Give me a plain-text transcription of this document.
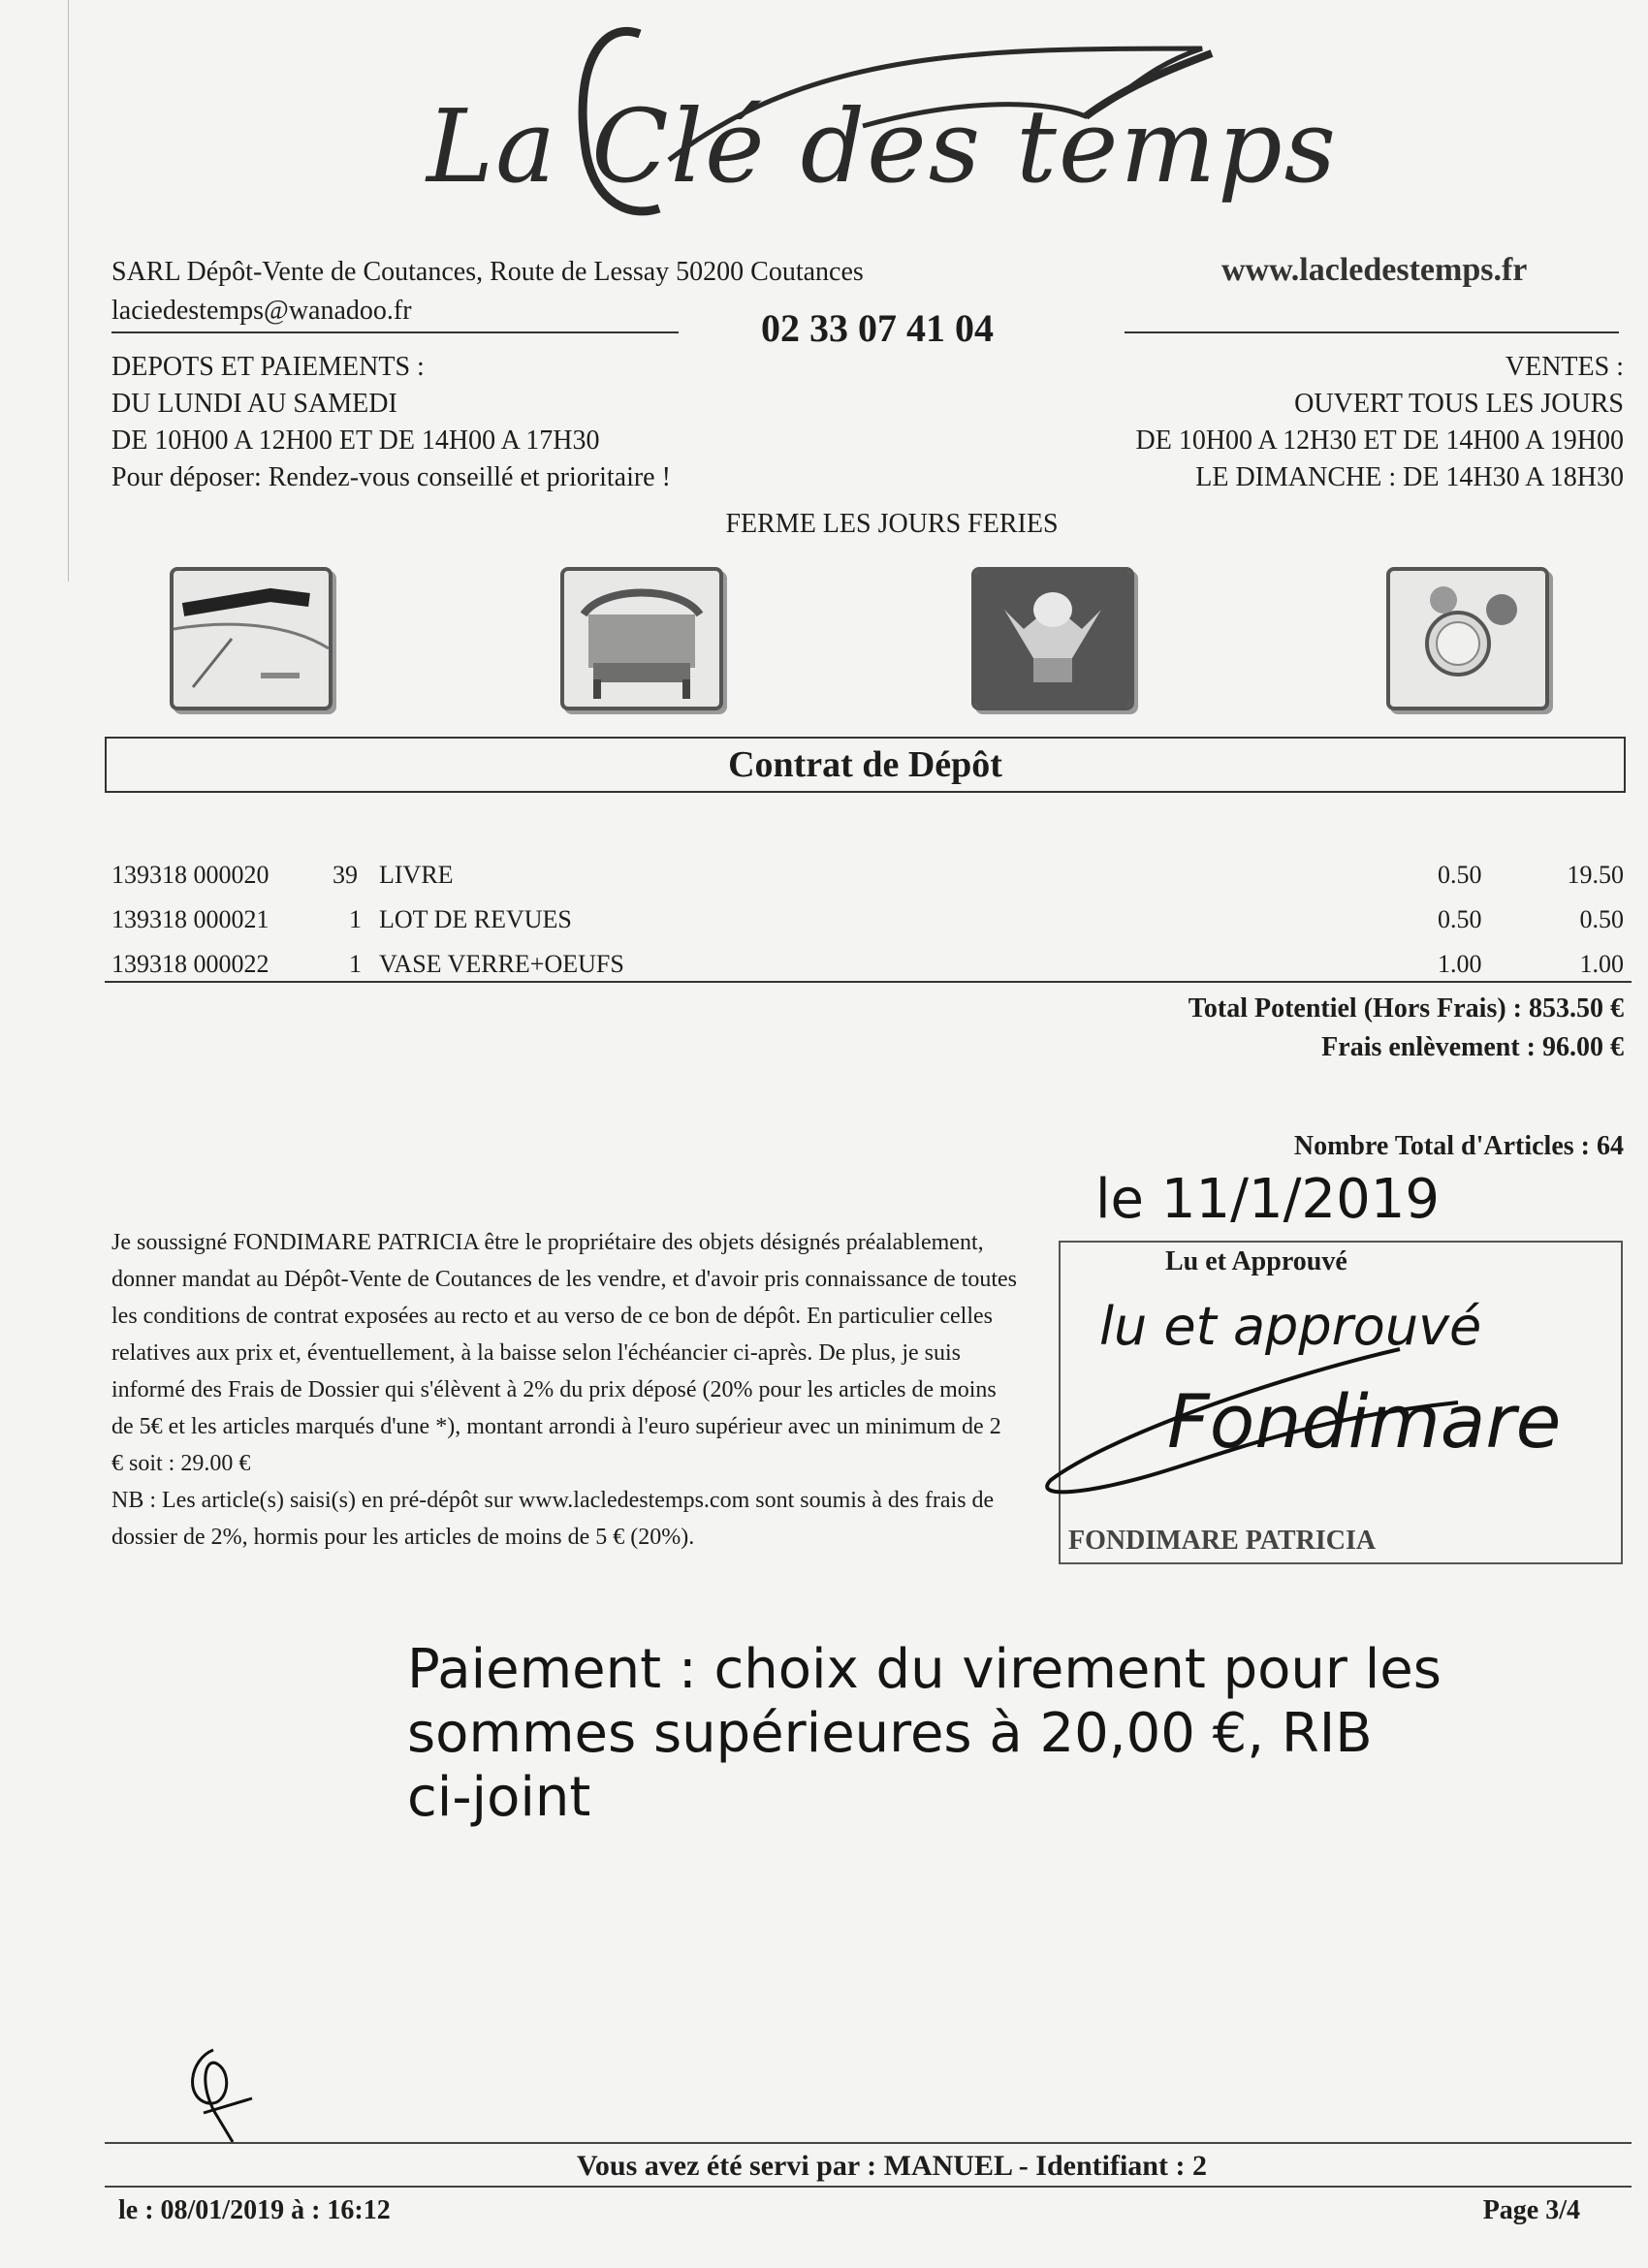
La Clé des temps
SARL Dépôt-Vente de Coutances, Route de Lessay 50200 Coutances
laciedestemps@wanadoo.fr	02 33 07 41 04
www.lacledestemps.fr
DEPOTS ET PAIEMENTS :
DU LUNDI AU SAMEDI
DE 10H00 A 12H00 ET DE 14H00 A 17H30
Pour déposer: Rendez-vous conseillé et prioritaire !
VENTES :
OUVERT TOUS LES JOURS
DE 10H00 A 12H30 ET DE 14H00 A 19H00
LE DIMANCHE : DE 14H30 A 18H30
FERME LES JOURS FERIES
Contrat de Dépôt
139318 000020	39 LIVRE	0.50	19.50
139318 000021	1 LOT DE REVUES	0.50	0.50
139318 000022	1 VASE VERRE+OEUFS	1.00	1.00
Total Potentiel (Hors Frais) : 853.50 €
Frais enlèvement : 96.00 €
Nombre Total d'Articles : 64
Je soussigné FONDIMARE PATRICIA être le propriétaire des objets désignés préalablement, donner mandat au Dépôt-Vente de Coutances de les vendre, et d'avoir pris connaissance de toutes les conditions de contrat exposées au recto et au verso de ce bon de dépôt. En particulier celles relatives aux prix et, éventuellement, à la baisse selon l'échéancier ci-après. De plus, je suis informé des Frais de Dossier qui s'élèvent à 2% du prix déposé (20% pour les articles de moins de 5€ et les articles marqués d'une *), montant arrondi à l'euro supérieur avec un minimum de 2 € soit : 29.00 €
NB : Les article(s) saisi(s) en pré-dépôt sur www.lacledestemps.com sont soumis à des frais de dossier de 2%, hormis pour les articles de moins de 5 € (20%).
le 11/1/2019
Lu et Approuvé
lu et approuvé
Fondimare
FONDIMARE PATRICIA
Paiement : choix du virement pour les
sommes supérieures à 20,00 €, RIB
ci-joint
Vous avez été servi par : MANUEL - Identifiant : 2
le : 08/01/2019 à : 16:12	Page 3/4
